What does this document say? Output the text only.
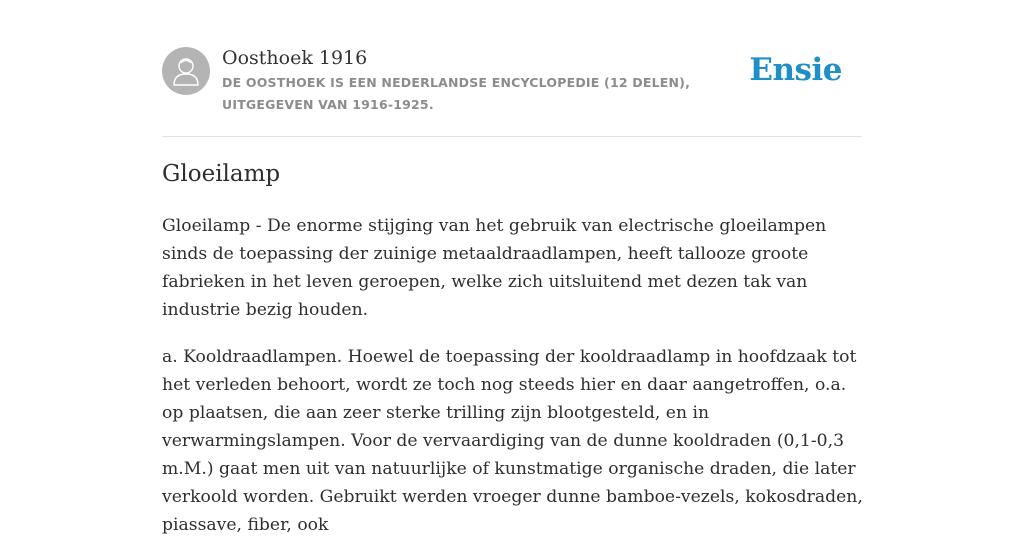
Oosthoek 1916
DE OOSTHOEK IS EEN NEDERLANDSE ENCYCLOPEDIE (12 DELEN), UITGEGEVEN VAN 1916-1925.
Ensie
Gloeilamp

Gloeilamp - De enorme stijging van het gebruik van electrische gloeilampen sinds de toepassing der zuinige metaaldraadlampen, heeft tallooze groote fabrieken in het leven geroepen, welke zich uitsluitend met dezen tak van industrie bezig houden.

a. Kooldraadlampen. Hoewel de toepassing der kooldraadlamp in hoofdzaak tot het verleden behoort, wordt ze toch nog steeds hier en daar aangetroffen, o.a. op plaatsen, die aan zeer sterke trilling zijn blootgesteld, en in verwarmingslampen. Voor de vervaardiging van de dunne kooldraden (0,1-0,3 m.M.) gaat men uit van natuurlijke of kunstmatige organische draden, die later verkoold worden. Gebruikt werden vroeger dunne bamboe-vezels, kokosdraden, piassave, fiber, ook
